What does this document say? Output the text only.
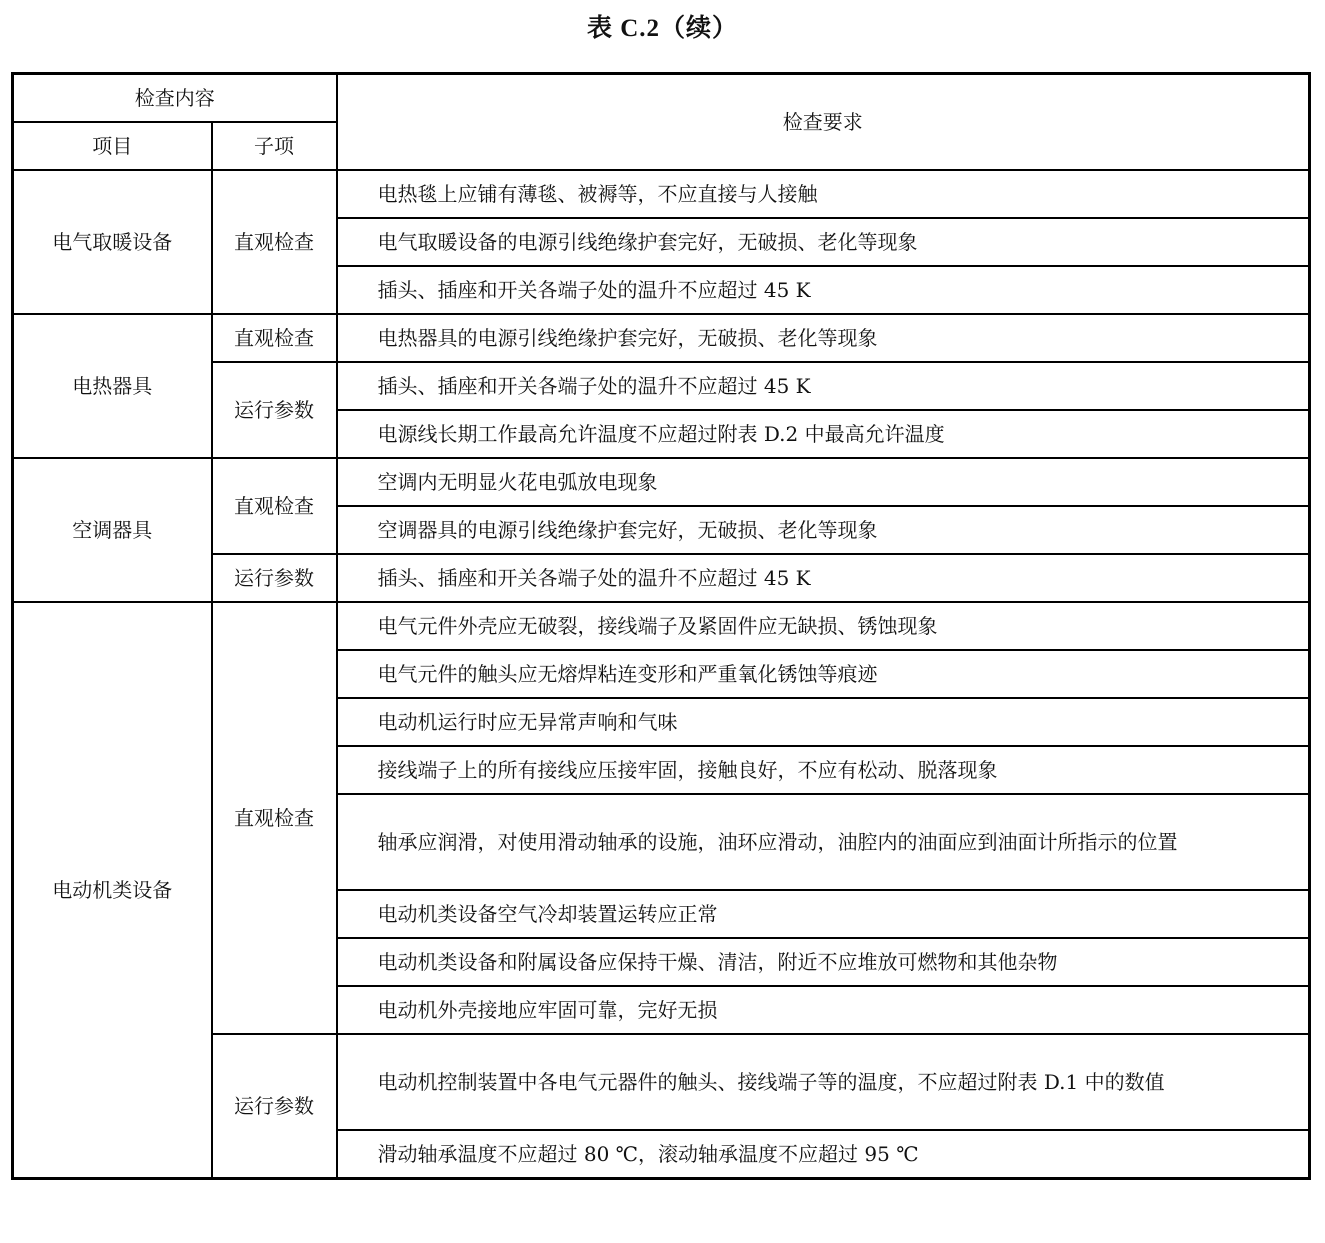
表 C.2（续）
检查内容		检查要求
项目	子项	
电气取暖设备	直观检查	电热毯上应铺有薄毯、被褥等，不应直接与人接触

		电气取暖设备的电源引线绝缘护套完好，无破损、老化等现象

		插头、插座和开关各端子处的温升不应超过 45 K

电热器具	直观检查	电热器具的电源引线绝缘护套完好，无破损、老化等现象

	运行参数	插头、插座和开关各端子处的温升不应超过 45 K

		电源线长期工作最高允许温度不应超过附表 D.2 中最高允许温度

空调器具	直观检查	空调内无明显火花电弧放电现象

		空调器具的电源引线绝缘护套完好，无破损、老化等现象

	运行参数	插头、插座和开关各端子处的温升不应超过 45 K

电动机类设备	直观检查	电气元件外壳应无破裂，接线端子及紧固件应无缺损、锈蚀现象

		电气元件的触头应无熔焊粘连变形和严重氧化锈蚀等痕迹

		电动机运行时应无异常声响和气味

		接线端子上的所有接线应压接牢固，接触良好，不应有松动、脱落现象

		轴承应润滑，对使用滑动轴承的设施，油环应滑动，油腔内的油面应到油面计所指示的位置

		电动机类设备空气冷却装置运转应正常

		电动机类设备和附属设备应保持干燥、清洁，附近不应堆放可燃物和其他杂物

		电动机外壳接地应牢固可靠，完好无损

	运行参数	电动机控制装置中各电气元器件的触头、接线端子等的温度，不应超过附表 D.1 中的数值

		滑动轴承温度不应超过 80 ℃，滚动轴承温度不应超过 95 ℃
